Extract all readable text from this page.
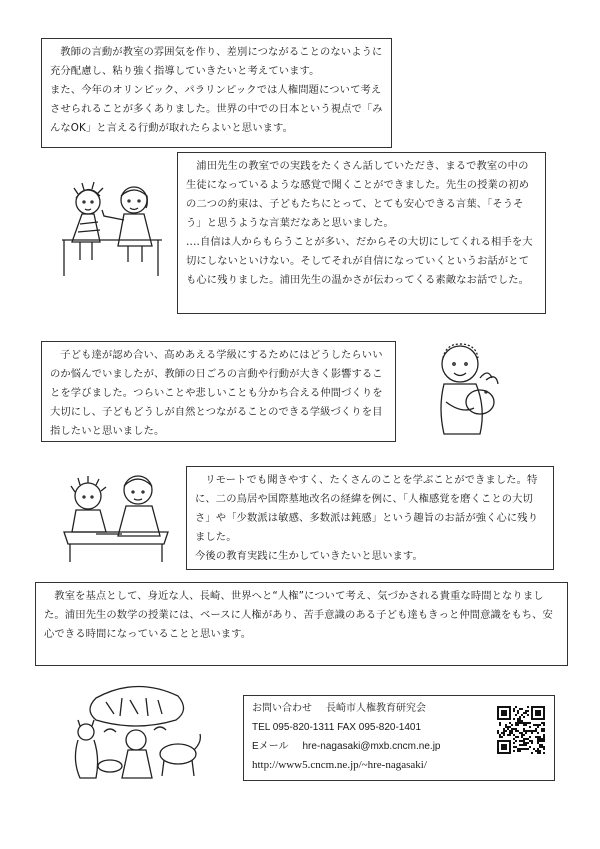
教師の言動が教室の雰囲気を作り、差別につながることのないように充分配慮し、粘り強く指導していきたいと考えています。

また、今年のオリンピック、パラリンピックでは人権問題について考えさせられることが多くありました。世界の中での日本という視点で「みんなOK」と言える行動が取れたらよいと思います。

浦田先生の教室での実践をたくさん話していただき、まるで教室の中の生徒になっているような感覚で聞くことができました。先生の授業の初めの二つの約束は、子どもたちにとって、とても安心できる言葉、「そうそう」と思うような言葉だなあと思いました。

‥‥自信は人からもらうことが多い、だからその大切にしてくれる相手を大切にしないといけない。そしてそれが自信になっていくというお話がとても心に残りました。浦田先生の温かさが伝わってくる素敵なお話でした。

子ども達が認め合い、高めあえる学級にするためにはどうしたらいいのか悩んでいましたが、教師の日ごろの言動や行動が大きく影響することを学びました。つらいことや悲しいことも分かち合える仲間づくりを大切にし、子どもどうしが自然とつながることのできる学級づくりを目指したいと思いました。

リモートでも聞きやすく、たくさんのことを学ぶことができました。特に、二の鳥居や国際墓地改名の経緯を例に、「人権感覚を磨くことの大切さ」や「少数派は敏感、多数派は鈍感」という趣旨のお話が強く心に残りました。

今後の教育実践に生かしていきたいと思います。

教室を基点として、身近な人、長崎、世界へと“人権”について考え、気づかされる貴重な時間となりました。浦田先生の数学の授業には、ベースに人権があり、苦手意識のある子ども達もきっと仲間意識をもち、安心できる時間になっていることと思います。

お問い合わせ 長崎市人権教育研究会
TEL 095-820-1311 FAX 095-820-1401
Eメール hre-nagasaki@mxb.cncm.ne.jp
http://www5.cncm.ne.jp/~hre-nagasaki/
